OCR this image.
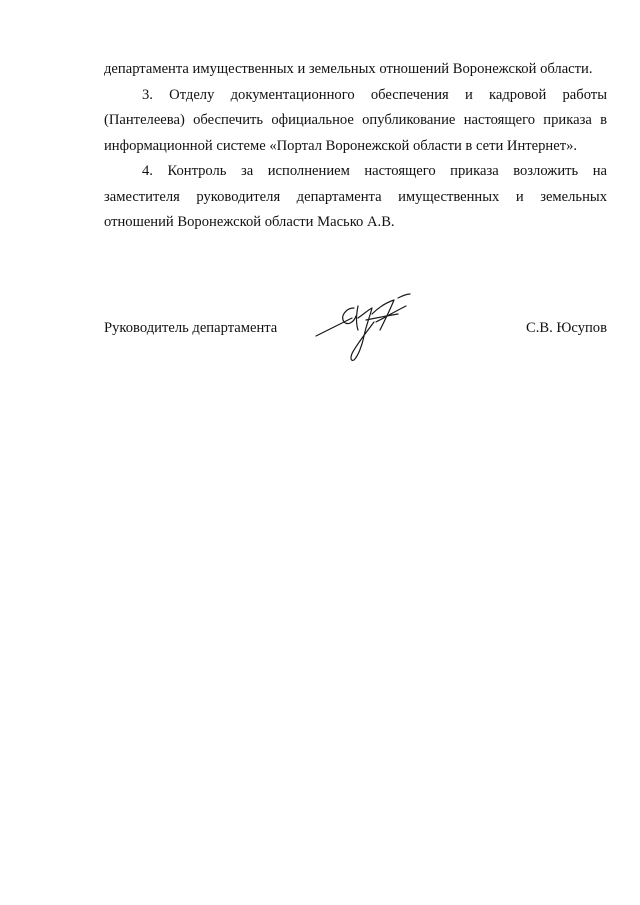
департамента имущественных и земельных отношений Воронежской области.

3. Отделу документационного обеспечения и кадровой работы (Пантелеева) обеспечить официальное опубликование настоящего приказа в информационной системе «Портал Воронежской области в сети Интернет».

4. Контроль за исполнением настоящего приказа возложить на заместителя руководителя департамента имущественных и земельных отношений Воронежской области Масько А.В.

Руководитель департамента	С.В. Юсупов
